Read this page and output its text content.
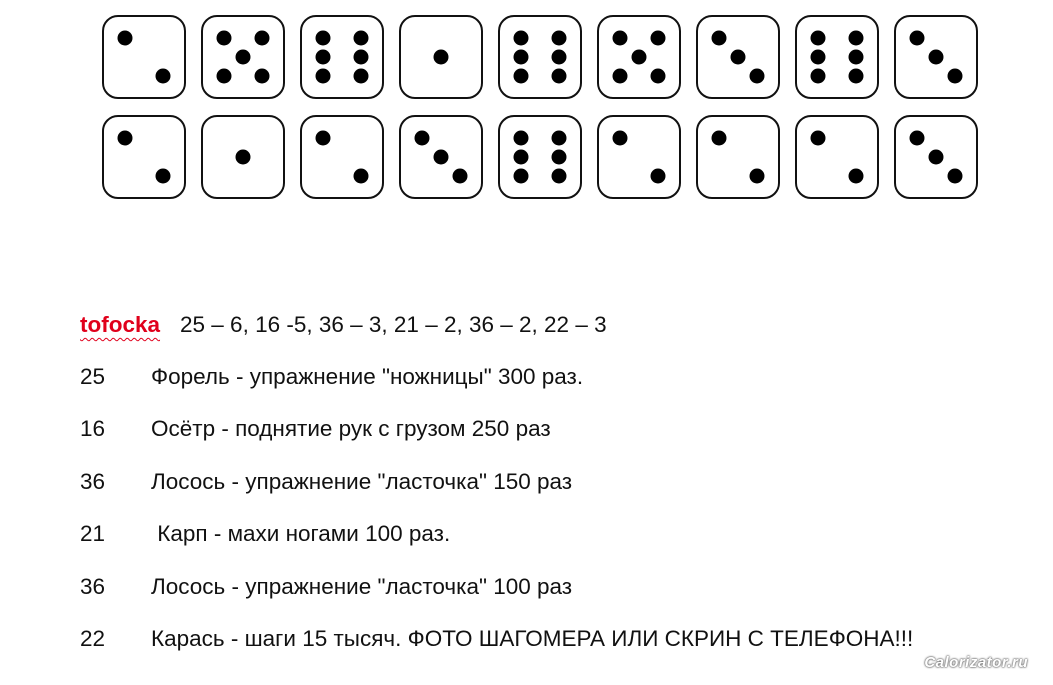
tofocka 25 – 6, 16 -5, 36 – 3, 21 – 2, 36 – 2, 22 – 3
25 Форель - упражнение "ножницы" 300 раз.
16 Осётр - поднятие рук с грузом 250 раз
36 Лосось - упражнение "ласточка" 150 раз
21 Карп - махи ногами 100 раз.
36 Лосось - упражнение "ласточка" 100 раз
22 Карась - шаги 15 тысяч. ФОТО ШАГОМЕРА ИЛИ СКРИН С ТЕЛЕФОНА!!!
Calorizator.ru
